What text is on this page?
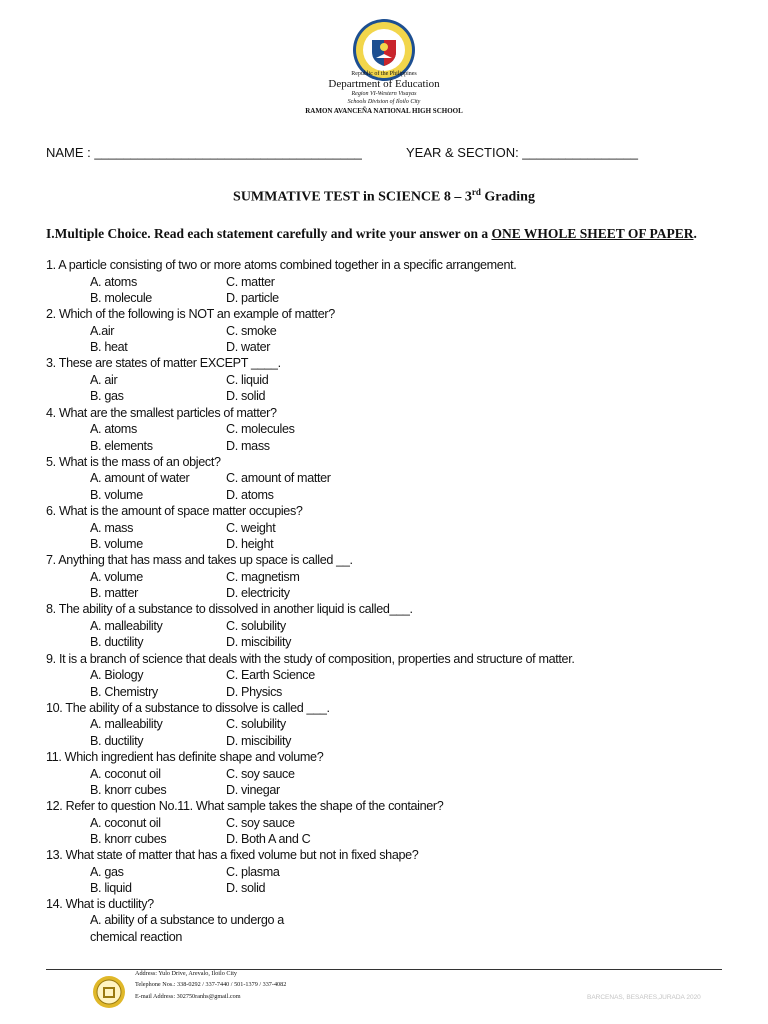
Department of Education
Republic of the Philippines
Region VI-Western Visayas
Schools Division of Iloilo City
RAMON AVANCEÑA NATIONAL HIGH SCHOOL
NAME : _____________________________________	YEAR & SECTION: ________________
SUMMATIVE TEST in SCIENCE 8 – 3rd Grading
I.Multiple Choice. Read each statement carefully and write your answer on a ONE WHOLE SHEET OF PAPER.
1. A particle consisting of two or more atoms combined together in a specific arrangement.
A. atoms	C. matter
B. molecule	D. particle
2. Which of the following is NOT an example of matter?
A.air	C. smoke
B. heat	D. water
3. These are states of matter EXCEPT ____.
A. air	C. liquid
B. gas	D. solid
4. What are the smallest particles of matter?
A. atoms	C. molecules
B. elements	D. mass
5. What is the mass of an object?
A. amount of water	C. amount of matter
B. volume	D. atoms
6. What is the amount of space matter occupies?
A. mass	C. weight
B. volume	D. height
7. Anything that has mass and takes up space is called __.
A. volume	C. magnetism
B. matter	D. electricity
8. The ability of a substance to dissolved in another liquid is called___.
A. malleability	C. solubility
B. ductility	D. miscibility
9. It is a branch of science that deals with the study of composition, properties and structure of matter.
A. Biology	C. Earth Science
B. Chemistry	D. Physics
10. The ability of a substance to dissolve is called ___.
A. malleability	C. solubility
B. ductility	D. miscibility
11. Which ingredient has definite shape and volume?
A. coconut oil	C. soy sauce
B. knorr cubes	D. vinegar
12. Refer to question No.11. What sample takes the shape of the container?
A. coconut oil	C. soy sauce
B. knorr cubes	D. Both A and C
13. What state of matter that has a fixed volume but not in fixed shape?
A. gas	C. plasma
B. liquid	D. solid
14. What is ductility?
A. ability of a substance to undergo a
chemical reaction
Address: Yulo Drive, Arevalo, Iloilo City
Telephone Nos.: 338-0292 / 337-7440 / 501-1379 / 337-4082
E-mail Address: 302750ranhs@gmail.com	BARCENAS, BESARES,JURADA 2020
